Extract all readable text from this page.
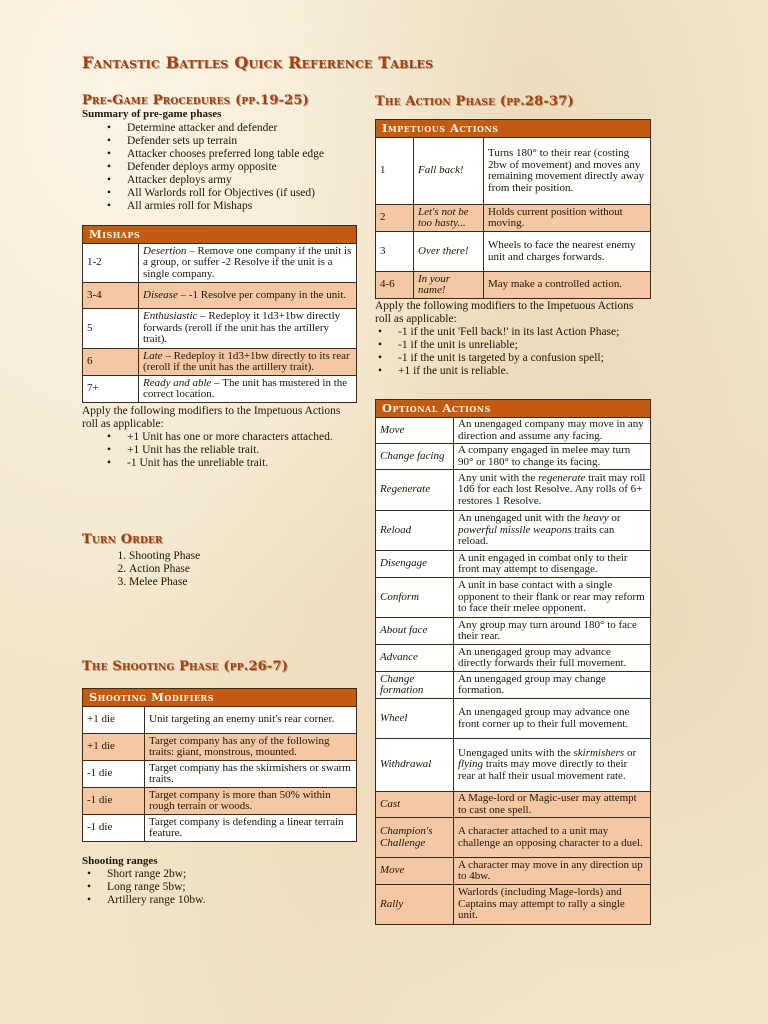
Fantastic Battles Quick Reference Tables
Pre-Game Procedures (pp.19-25)
Summary of pre-game phases
• Determine attacker and defender
• Defender sets up terrain
• Attacker chooses preferred long table edge
• Defender deploys army opposite
• Attacker deploys army
• All Warlords roll for Objectives (if used)
• All armies roll for Mishaps
Mishaps	
1-2	Desertion – Remove one company if the unit is a group, or suffer -2 Resolve if the unit is a single company.
3-4	Disease – -1 Resolve per company in the unit.
5	Enthusiastic – Redeploy it 1d3+1bw directly forwards (reroll if the unit has the artillery trait).
6	Late – Redeploy it 1d3+1bw directly to its rear (reroll if the unit has the artillery trait).
7+	Ready and able – The unit has mustered in the correct location.
Apply the following modifiers to the Impetuous Actions roll as applicable:
• +1 Unit has one or more characters attached.
• +1 Unit has the reliable trait.
• -1 Unit has the unreliable trait.
Turn Order
1. Shooting Phase
2. Action Phase
3. Melee Phase
The Shooting Phase (pp.26-7)
Shooting Modifiers	
+1 die	Unit targeting an enemy unit's rear corner.
+1 die	Target company has any of the following traits: giant, monstrous, mounted.
-1 die	Target company has the skirmishers or swarm traits.
-1 die	Target company is more than 50% within rough terrain or woods.
-1 die	Target company is defending a linear terrain feature.
Shooting ranges
• Short range 2bw;
• Long range 5bw;
• Artillery range 10bw.
The Action Phase (pp.28-37)
Impetuous Actions		
1	Fall back!	Turns 180° to their rear (costing 2bw of movement) and moves any remaining movement directly away from their position.
2	Let's not be too hasty...	Holds current position without moving.
3	Over there!	Wheels to face the nearest enemy unit and charges forwards.
4-6	In your name!	May make a controlled action.
Apply the following modifiers to the Impetuous Actions roll as applicable:
• -1 if the unit 'Fell back!' in its last Action Phase;
• -1 if the unit is unreliable;
• -1 if the unit is targeted by a confusion spell;
• +1 if the unit is reliable.
Optional Actions	
Move	An unengaged company may move in any direction and assume any facing.
Change facing	A company engaged in melee may turn 90° or 180° to change its facing.
Regenerate	Any unit with the regenerate trait may roll 1d6 for each lost Resolve. Any rolls of 6+ restores 1 Resolve.
Reload	An unengaged unit with the heavy or powerful missile weapons traits can reload.
Disengage	A unit engaged in combat only to their front may attempt to disengage.
Conform	A unit in base contact with a single opponent to their flank or rear may reform to face their melee opponent.
About face	Any group may turn around 180° to face their rear.
Advance	An unengaged group may advance directly forwards their full movement.
Change formation	An unengaged group may change formation.
Wheel	An unengaged group may advance one front corner up to their full movement.
Withdrawal	Unengaged units with the skirmishers or flying traits may move directly to their rear at half their usual movement rate.
Cast	A Mage-lord or Magic-user may attempt to cast one spell.
Champion's Challenge	A character attached to a unit may challenge an opposing character to a duel.
Move	A character may move in any direction up to 4bw.
Rally	Warlords (including Mage-lords) and Captains may attempt to rally a single unit.
